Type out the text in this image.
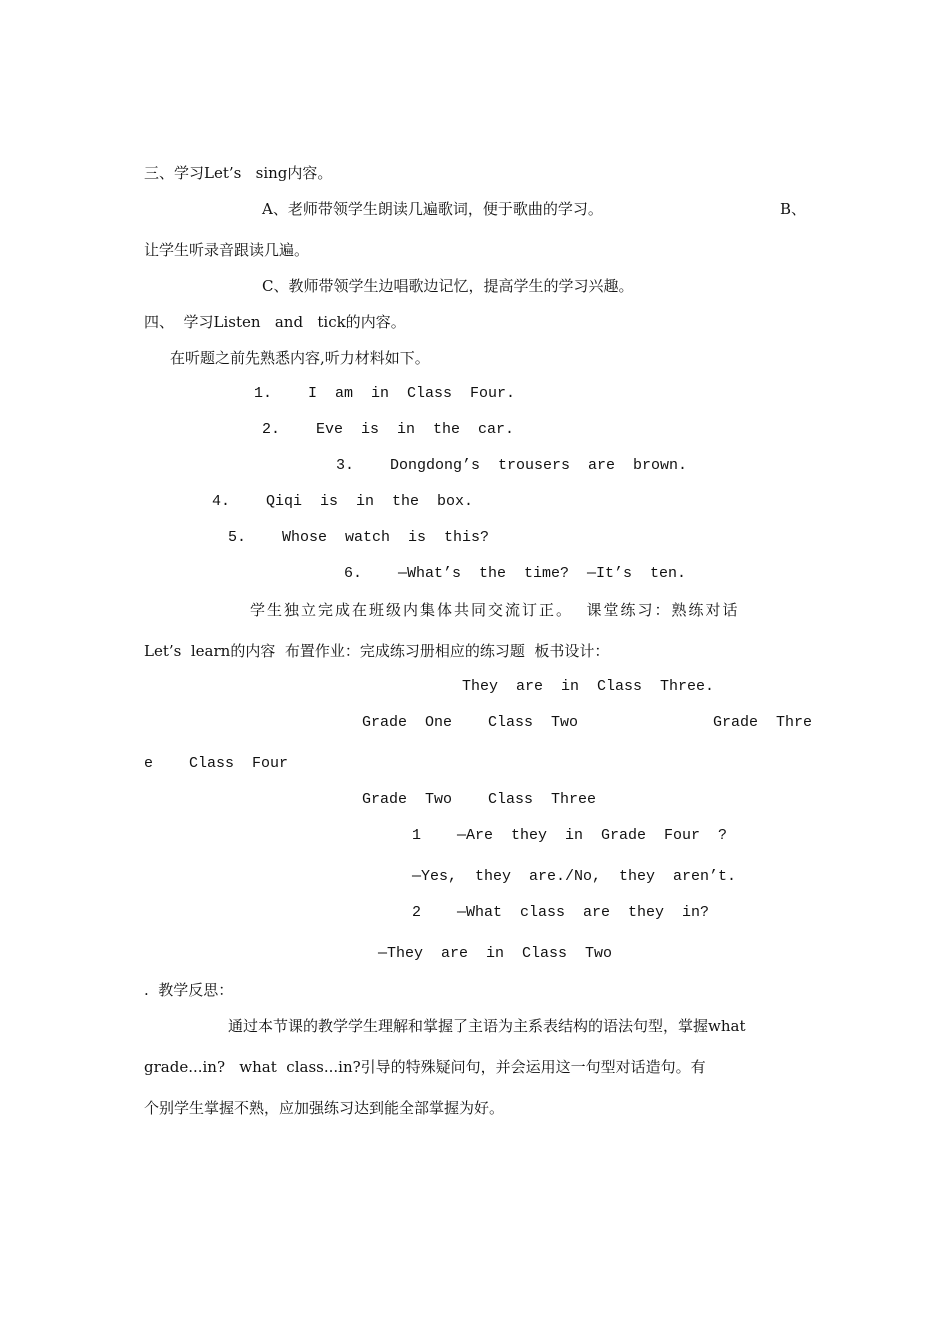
三、学习Let’s   sing内容。
A、老师带领学生朗读几遍歌词，便于歌曲的学习。	B、
让学生听录音跟读几遍。
C、教师带领学生边唱歌边记忆，提高学生的学习兴趣。
四、  学习Listen   and   tick的内容。
在听题之前先熟悉内容,听力材料如下。
1.    I  am  in  Class  Four.
2.    Eve  is  in  the  car.
3.    Dongdong’s  trousers  are  brown.
4.    Qiqi  is  in  the  box.
5.    Whose  watch  is  this?
6.    —What’s  the  time?  —It’s  ten.
学生独立完成在班级内集体共同交流订正。  课堂练习：熟练对话
Let’s  learn的内容  布置作业：完成练习册相应的练习题  板书设计：
They  are  in  Class  Three.
Grade  One    Class  Two	Grade  Thre
e    Class  Four
Grade  Two    Class  Three
1    —Are  they  in  Grade  Four  ?
—Yes,  they  are./No,  they  aren’t.
2    —What  class  are  they  in?
—They  are  in  Class  Two
.  教学反思：
通过本节课的教学学生理解和掌握了主语为主系表结构的语法句型，掌握what
grade...in?   what  class...in?引导的特殊疑问句，并会运用这一句型对话造句。有
个别学生掌握不熟，应加强练习达到能全部掌握为好。
